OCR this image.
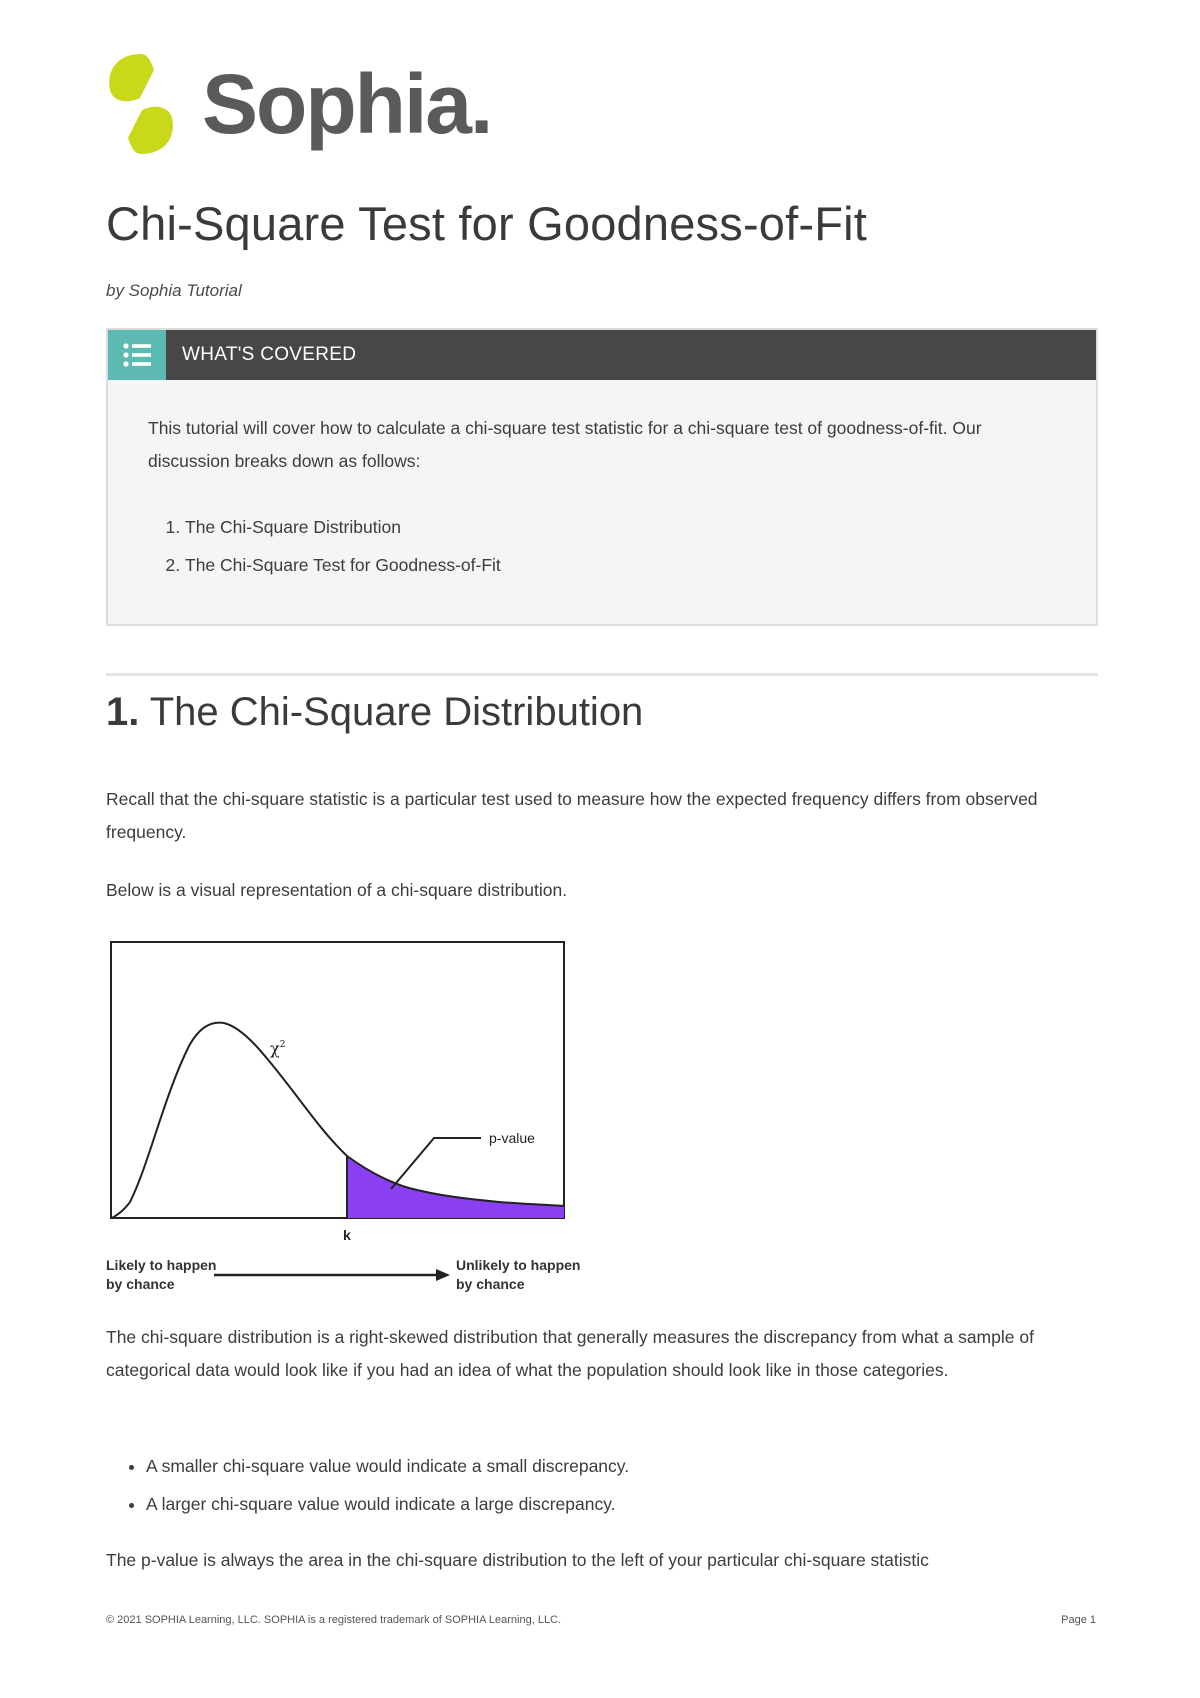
Sophia.
Chi-Square Test for Goodness-of-Fit
by Sophia Tutorial
WHAT'S COVERED
This tutorial will cover how to calculate a chi-square test statistic for a chi-square test of goodness-of-fit. Our discussion breaks down as follows:
1. The Chi-Square Distribution
2. The Chi-Square Test for Goodness-of-Fit
1. The Chi-Square Distribution
Recall that the chi-square statistic is a particular test used to measure how the expected frequency differs from observed frequency.
Below is a visual representation of a chi-square distribution.
$\chi^2$
p-value
k
Likely to happen by chance
Unlikely to happen by chance
The chi-square distribution is a right-skewed distribution that generally measures the discrepancy from what a sample of categorical data would look like if you had an idea of what the population should look like in those categories.
• A smaller chi-square value would indicate a small discrepancy.
• A larger chi-square value would indicate a large discrepancy.
The p-value is always the area in the chi-square distribution to the left of your particular chi-square statistic
© 2021 SOPHIA Learning, LLC. SOPHIA is a registered trademark of SOPHIA Learning, LLC.	Page 1
